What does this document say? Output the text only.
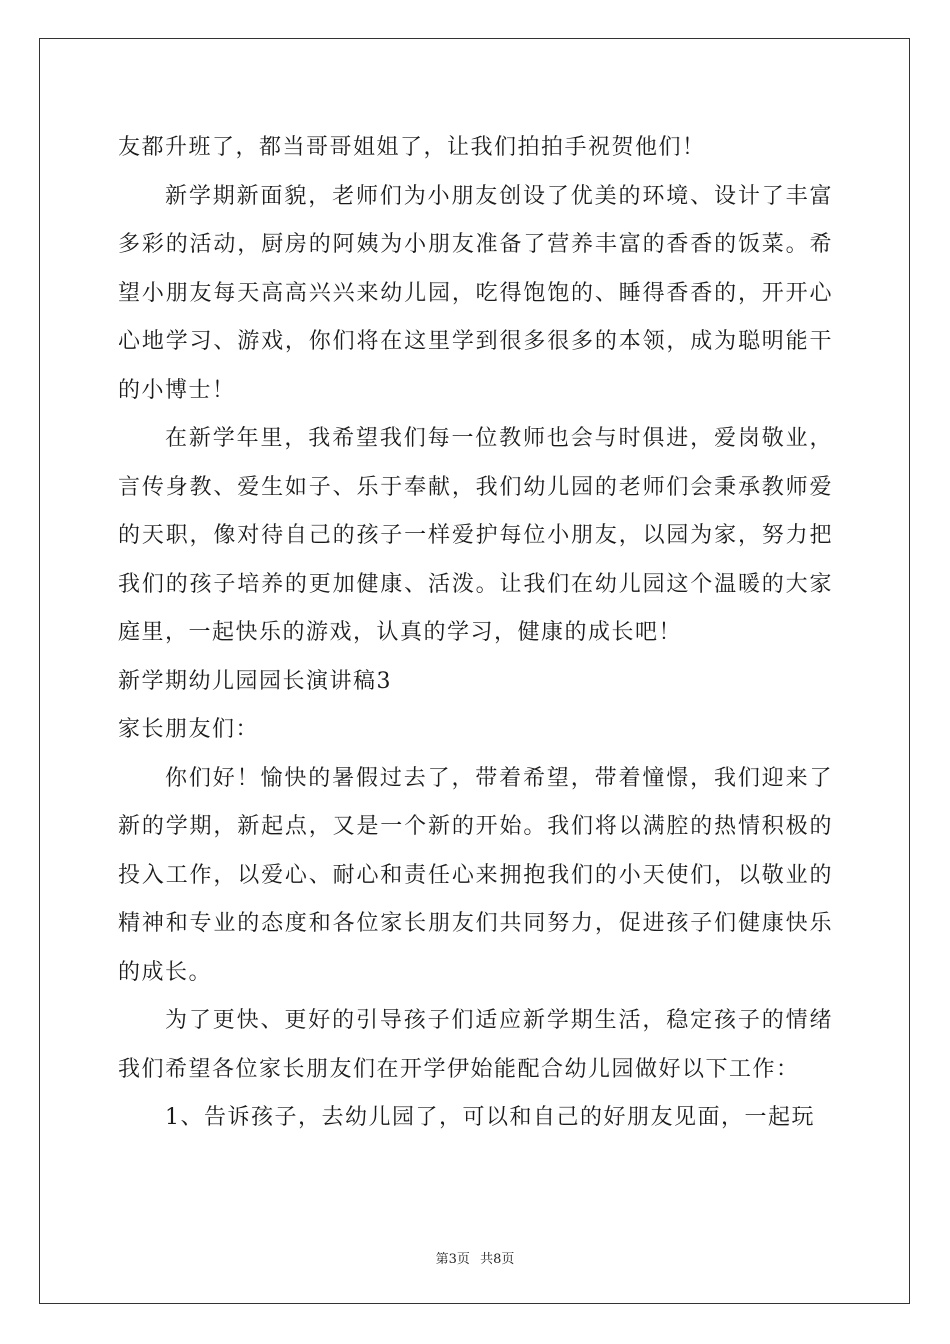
友都升班了，都当哥哥姐姐了，让我们拍拍手祝贺他们！

新学期新面貌，老师们为小朋友创设了优美的环境、设计了丰富多彩的活动，厨房的阿姨为小朋友准备了营养丰富的香香的饭菜。希望小朋友每天高高兴兴来幼儿园，吃得饱饱的、睡得香香的，开开心心地学习、游戏，你们将在这里学到很多很多的本领，成为聪明能干的小博士！

在新学年里，我希望我们每一位教师也会与时俱进，爱岗敬业，言传身教、爱生如子、乐于奉献，我们幼儿园的老师们会秉承教师爱的天职，像对待自己的孩子一样爱护每位小朋友，以园为家，努力把我们的孩子培养的更加健康、活泼。让我们在幼儿园这个温暖的大家庭里，一起快乐的游戏，认真的学习，健康的成长吧！

新学期幼儿园园长演讲稿3

家长朋友们：

你们好！愉快的暑假过去了，带着希望，带着憧憬，我们迎来了新的学期，新起点，又是一个新的开始。我们将以满腔的热情积极的投入工作，以爱心、耐心和责任心来拥抱我们的小天使们，以敬业的精神和专业的态度和各位家长朋友们共同努力，促进孩子们健康快乐的成长。

为了更快、更好的引导孩子们适应新学期生活，稳定孩子的情绪我们希望各位家长朋友们在开学伊始能配合幼儿园做好以下工作：

1、告诉孩子，去幼儿园了，可以和自己的好朋友见面，一起玩

第3页 共8页
